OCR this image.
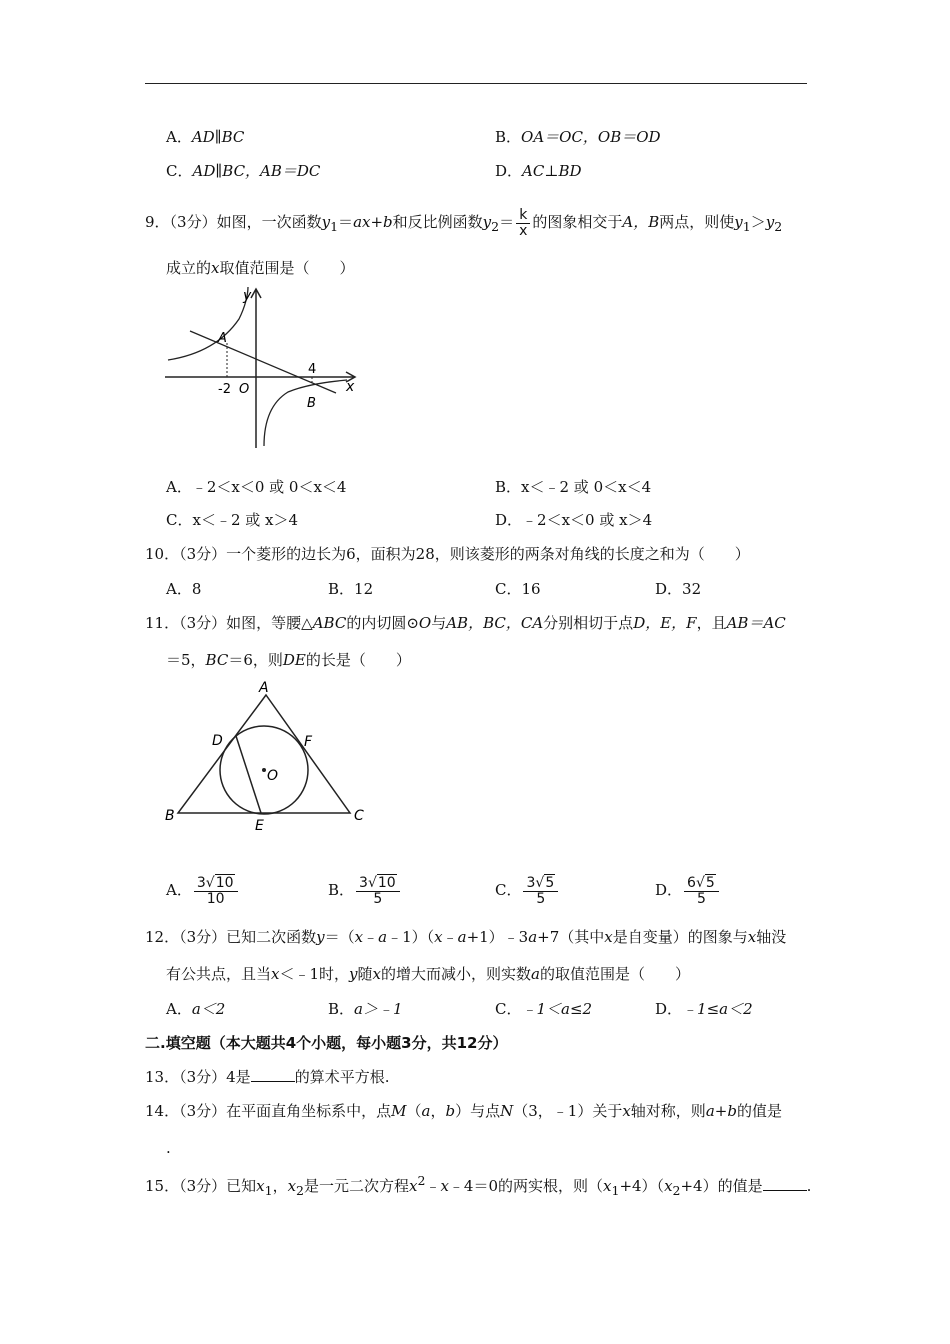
A．AD∥BC	B．OA＝OC，OB＝OD
C．AD∥BC，AB＝DC	D．AC⊥BD
9．（3分）如图，一次函数$y_1=ax+b$和反比例函数$y_2= \frac{k}{x}$ 的图象相交于A，B两点，则使$y_1>y_2$
成立的x取值范围是（　　）
y
x
A
B
-2 O
4
A．﹣2＜x＜0 或 0＜x＜4	B．x＜﹣2 或 0＜x＜4
C．x＜﹣2 或 x＞4	D．﹣2＜x＜0 或 x＞4
10．（3分）一个菱形的边长为6，面积为28，则该菱形的两条对角线的长度之和为（　　）
A．8	B．12	C．16	D．32
11．（3分）如图，等腰△ABC的内切圆⊙O与AB，BC，CA分别相切于点D，E，F，且AB＝AC
＝5，BC＝6，则DE的长是（　　）
A
B	C
D
E
F
O
A． $\frac{3√10}{10}$	B． $\frac{3√10}{5}$	C． $\frac{3√5}{5}$	D． $\frac{6√5}{5}$
12．（3分）已知二次函数y＝（x﹣a﹣1）（x﹣a+1）﹣3a+7（其中x是自变量）的图象与x轴没
有公共点，且当x＜﹣1时，y随x的增大而减小，则实数a的取值范围是（　　）
A．a＜2	B．a＞﹣1	C．﹣1＜a≤2	D．﹣1≤a＜2
二.填空题（本大题共4个小题，每小题3分，共12分）
13．（3分）4是	的算术平方根.
14．（3分）在平面直角坐标系中，点M（a，b）与点N（3，﹣1）关于x轴对称，则a+b的值是
.
15．（3分）已知$x_1$，$x_2$是一元二次方程$x^2﹣x﹣4=0$的两实根，则$(x_1+4)(x_2+4)$的值是	.
